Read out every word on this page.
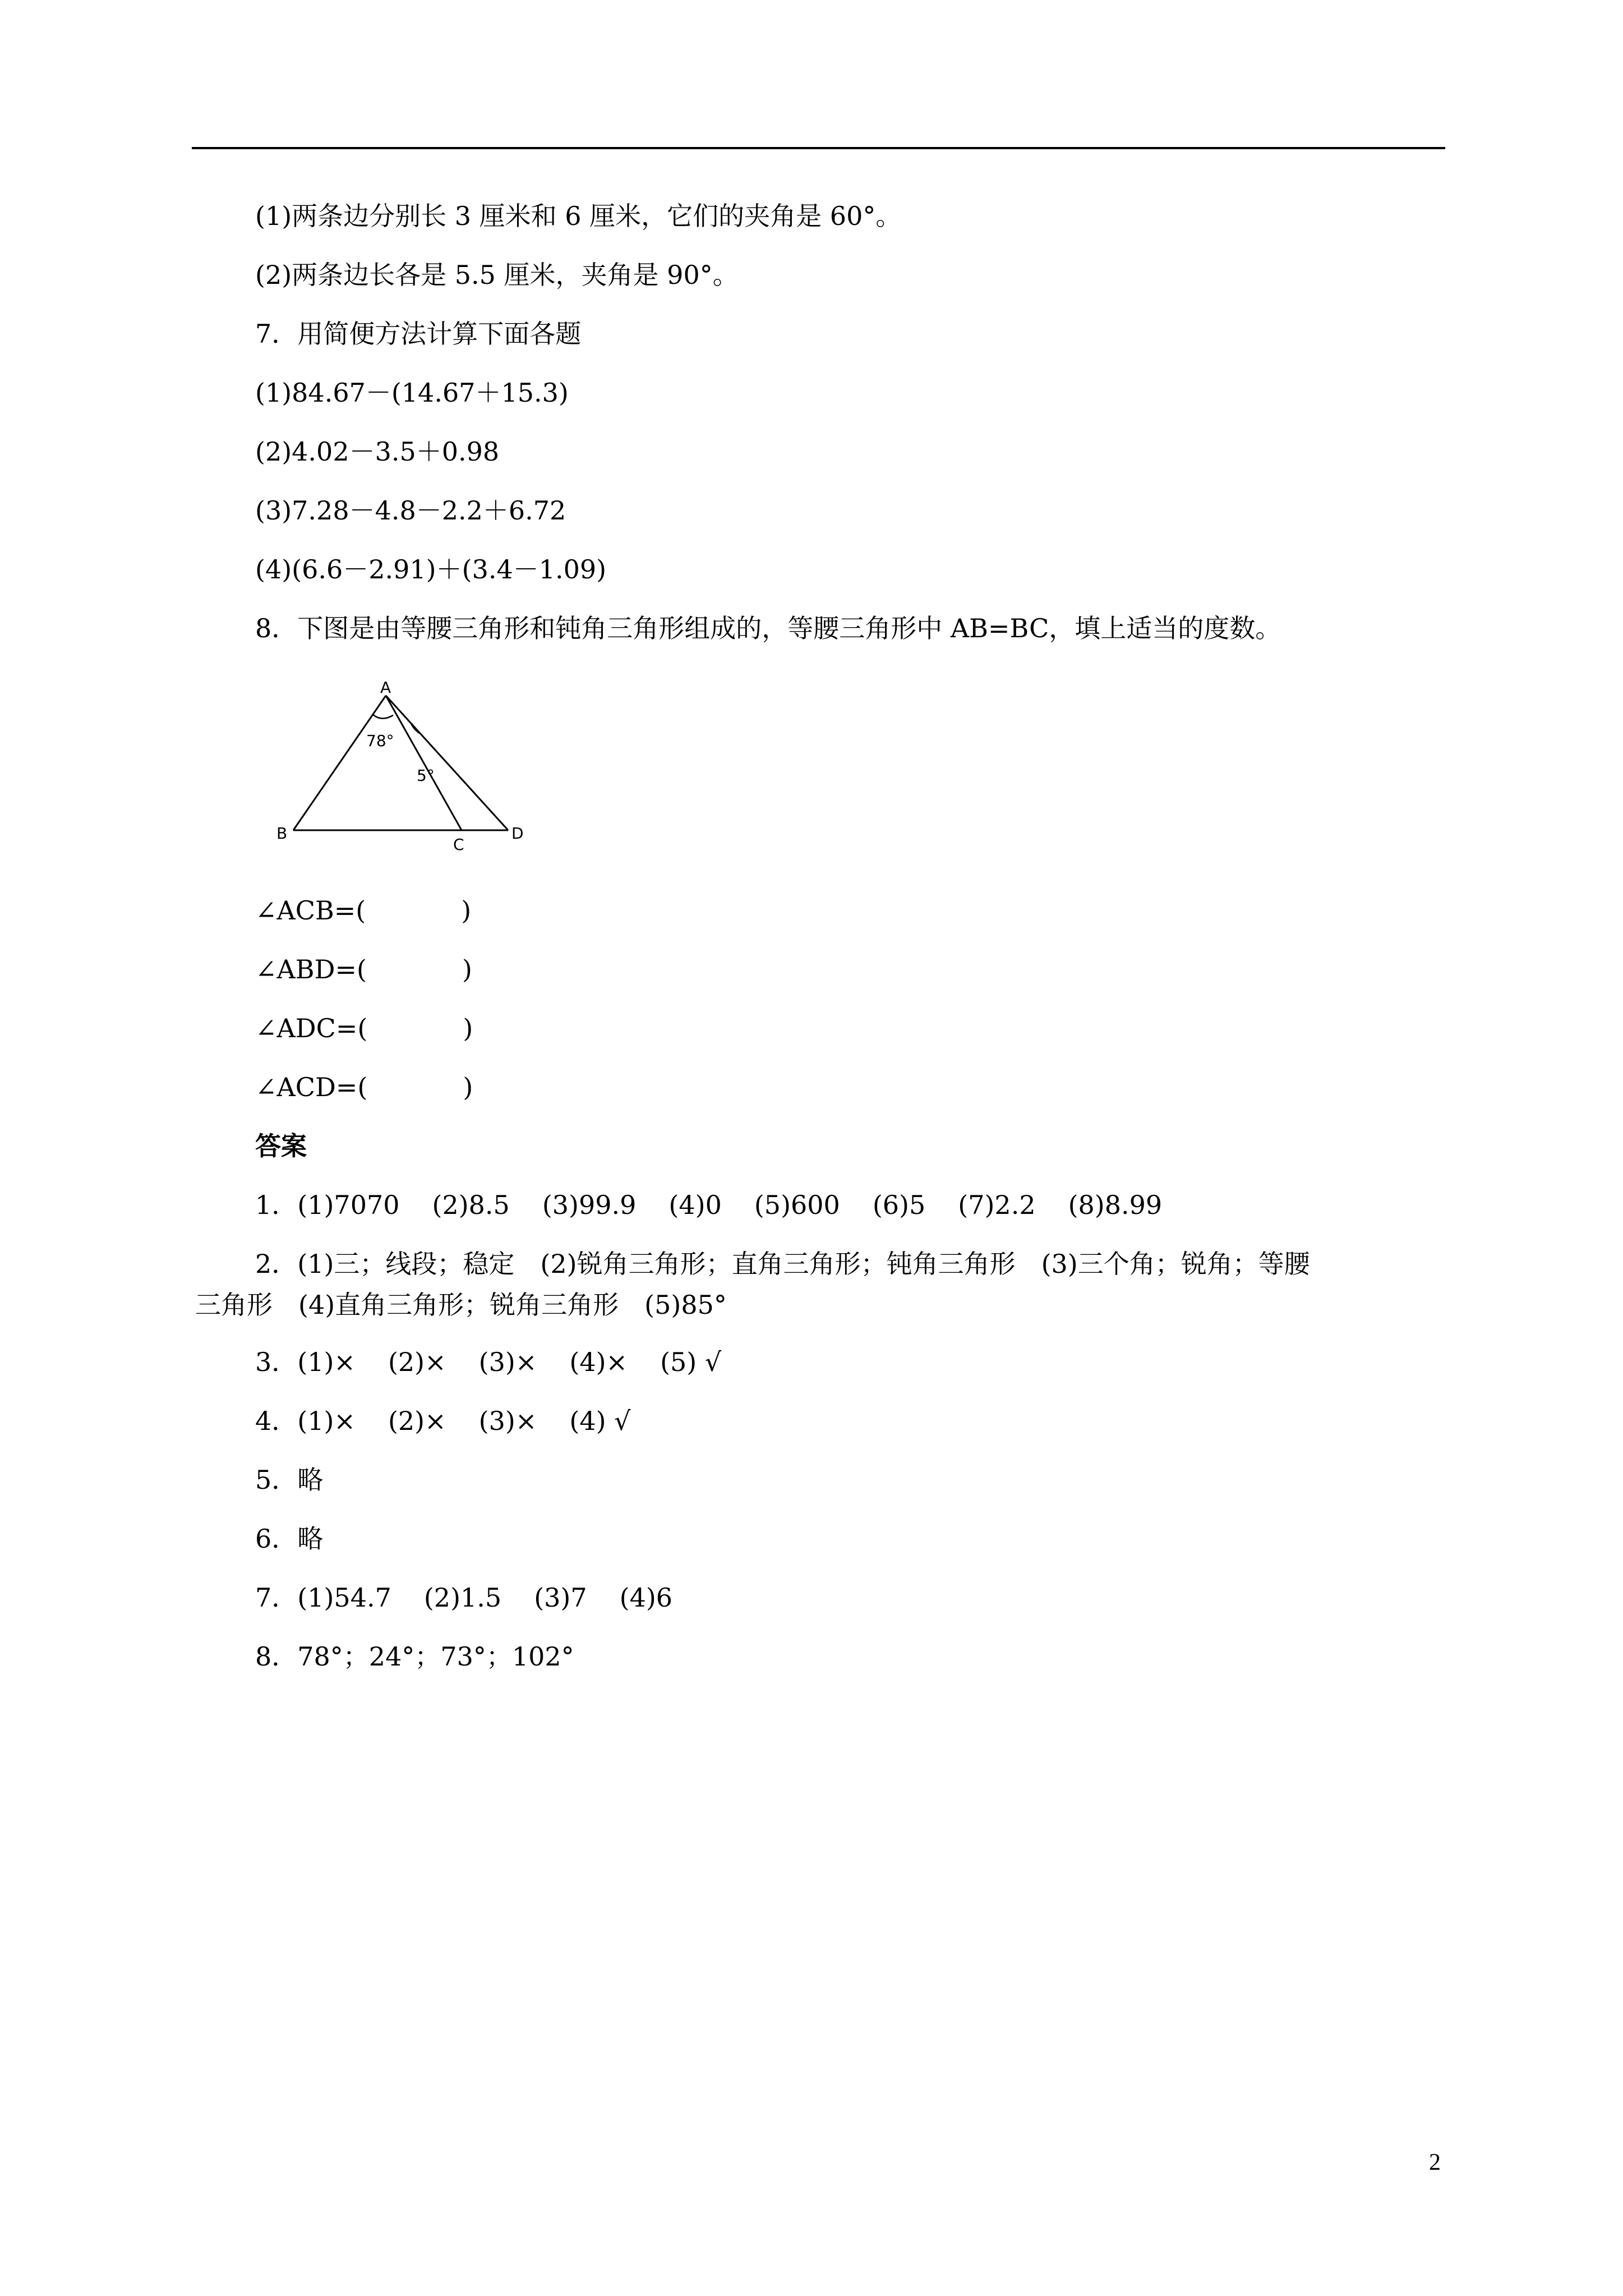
(1)两条边分别长 3 厘米和 6 厘米，它们的夹角是 60°。
(2)两条边长各是 5.5 厘米，夹角是 90°。
7．用简便方法计算下面各题
(1)84.67－(14.67＋15.3)
(2)4.02－3.5＋0.98
(3)7.28－4.8－2.2＋6.72
(4)(6.6－2.91)＋(3.4－1.09)
8．下图是由等腰三角形和钝角三角形组成的，等腰三角形中 AB=BC，填上适当的度数。
A
B
C
D
78°
5°
∠ACB=(	)
∠ABD=(	)
∠ADC=(	)
∠ACD=(	)
答案
1．(1)7070 (2)8.5 (3)99.9 (4)0 (5)600 (6)5 (7)2.2 (8)8.99
2．(1)三；线段；稳定　(2)锐角三角形；直角三角形；钝角三角形　(3)三个角；锐角；等腰
三角形　(4)直角三角形；锐角三角形　(5)85°
3．(1)× (2)× (3)× (4)× (5) √
4．(1)× (2)× (3)× (4) √
5．略
6．略
7．(1)54.7 (2)1.5 (3)7 (4)6
8．78°；24°；73°；102°
2
